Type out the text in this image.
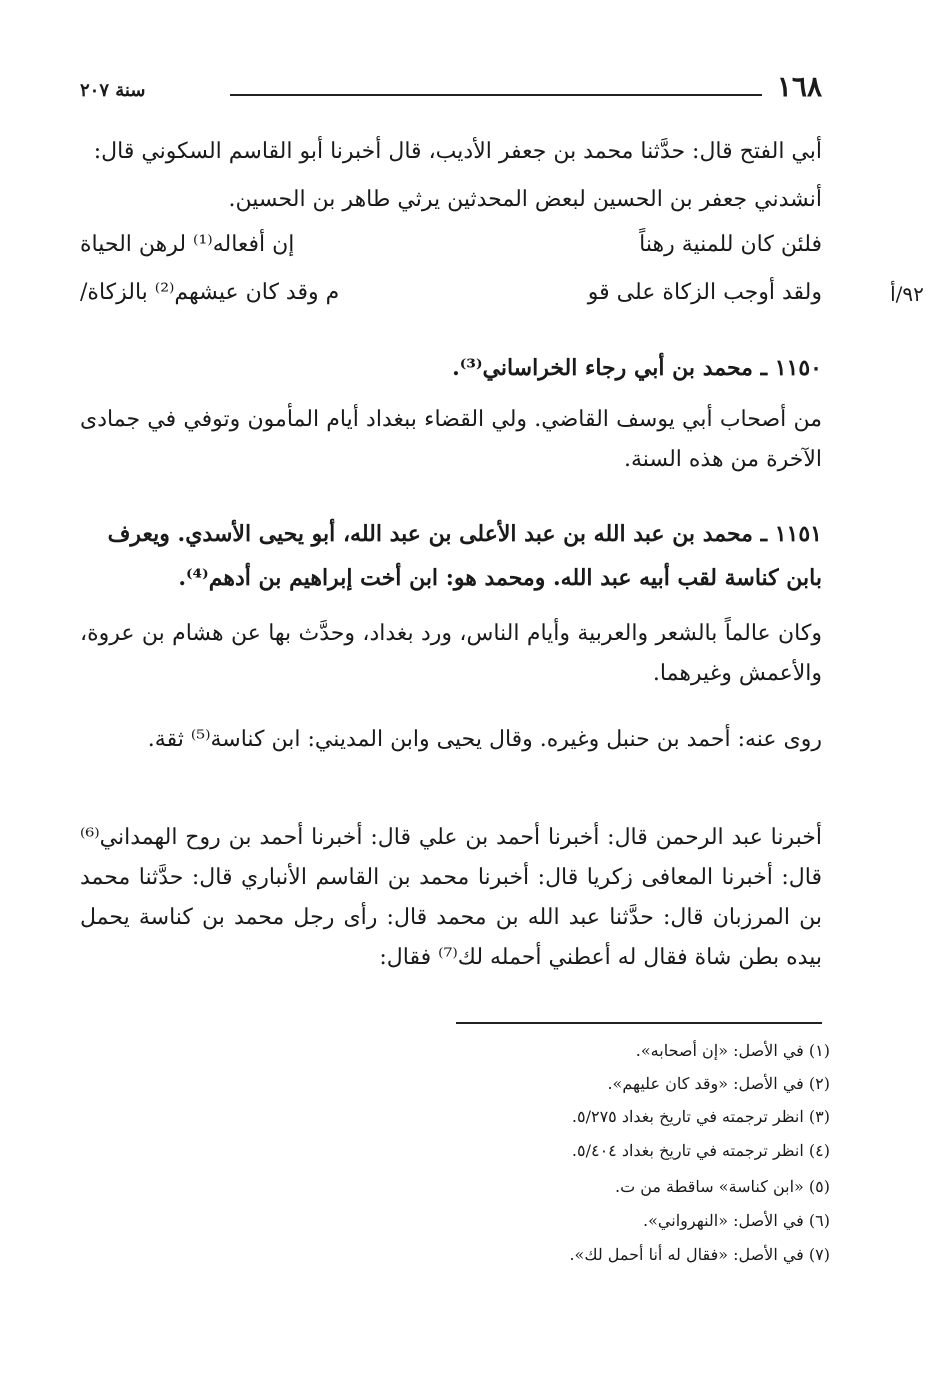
١٦٨
سنة ٢٠٧
أبي الفتح قال: حدَّثنا محمد بن جعفر الأديب، قال أخبرنا أبو القاسم السكوني قال:
أنشدني جعفر بن الحسين لبعض المحدثين يرثي طاهر بن الحسين.
فلئن كان للمنية رهناً
إن أفعاله⁽¹⁾ لرهن الحياة
ولقد أوجب الزكاة على قو
م وقد كان عيشهم⁽²⁾ بالزكاة/	٩٢/أ
١١٥٠ ـ محمد بن أبي رجاء الخراساني⁽³⁾.
من أصحاب أبي يوسف القاضي. ولي القضاء ببغداد أيام المأمون وتوفي في جمادى الآخرة من هذه السنة.
١١٥١ ـ محمد بن عبد الله بن عبد الأعلى بن عبد الله، أبو يحيى الأسدي. ويعرف بابن كناسة لقب أبيه عبد الله. ومحمد هو: ابن أخت إبراهيم بن أدهم⁽⁴⁾.
وكان عالماً بالشعر والعربية وأيام الناس، ورد بغداد، وحدَّث بها عن هشام بن عروة، والأعمش وغيرهما.
روى عنه: أحمد بن حنبل وغيره. وقال يحيى وابن المديني: ابن كناسة⁽⁵⁾ ثقة.
أخبرنا عبد الرحمن قال: أخبرنا أحمد بن علي قال: أخبرنا أحمد بن روح الهمداني⁽⁶⁾ قال: أخبرنا المعافى زكريا قال: أخبرنا محمد بن القاسم الأنباري قال: حدَّثنا محمد بن المرزبان قال: حدَّثنا عبد الله بن محمد قال: رأى رجل محمد بن كناسة يحمل بيده بطن شاة فقال له أعطني أحمله لك⁽⁷⁾ فقال:
(١) في الأصل: «إن أصحابه».
(٢) في الأصل: «وقد كان عليهم».
(٣) انظر ترجمته في تاريخ بغداد ٥/٢٧٥.
(٤) انظر ترجمته في تاريخ بغداد ٥/٤٠٤.
(٥) «ابن كناسة» ساقطة من ت.
(٦) في الأصل: «النهرواني».
(٧) في الأصل: «فقال له أنا أحمل لك».
